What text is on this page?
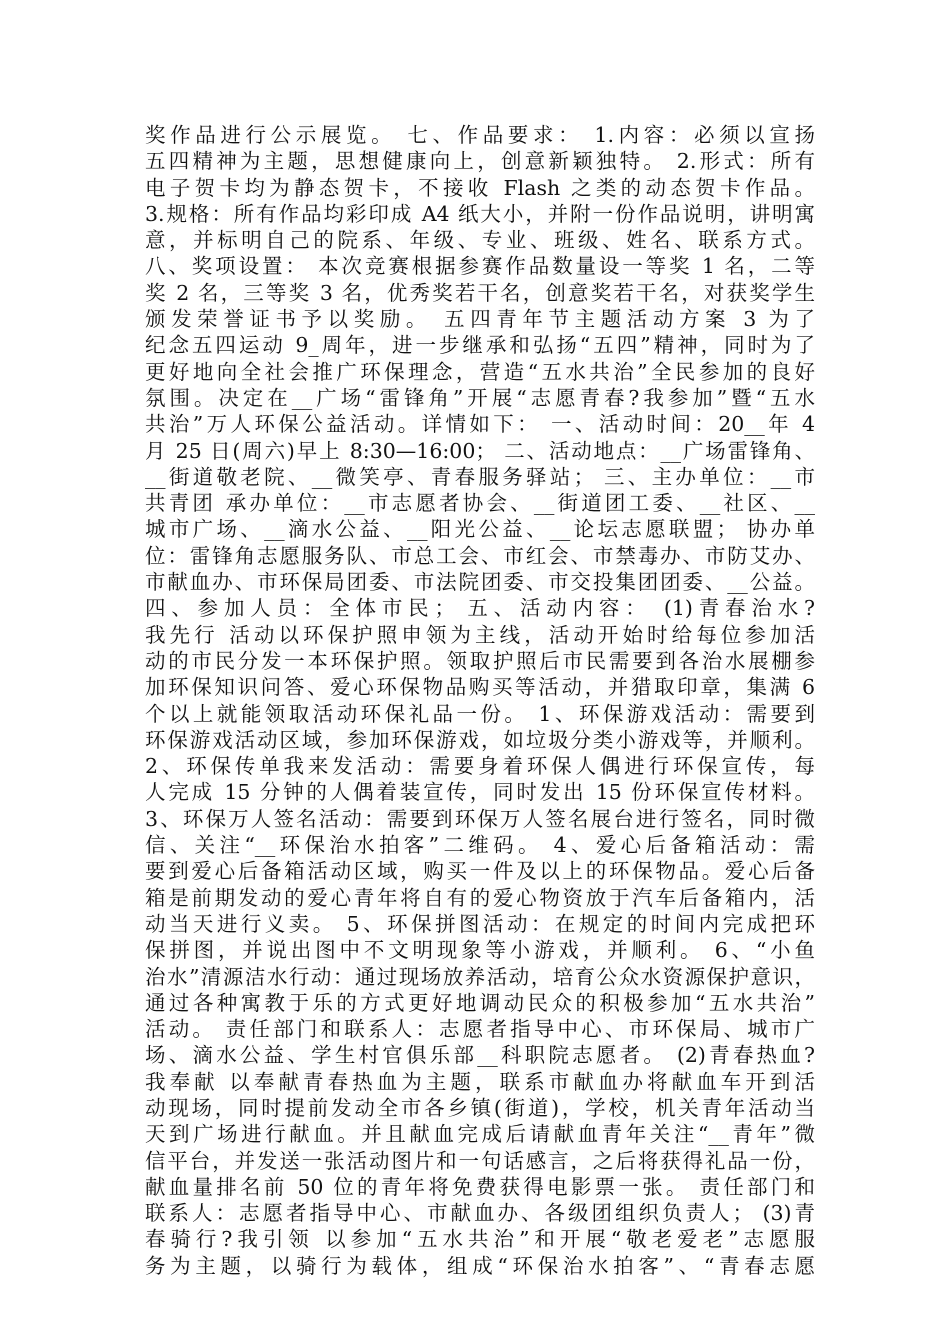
奖作品进行公示展览。 七、作品要求： 1.内容：必须以宣扬
五四精神为主题，思想健康向上，创意新颖独特。 2.形式：所有
电子贺卡均为静态贺卡，不接收 Flash 之类的动态贺卡作品。
3.规格：所有作品均彩印成 A4 纸大小，并附一份作品说明，讲明寓
意，并标明自己的院系、年级、专业、班级、姓名、联系方式。
八、奖项设置： 本次竞赛根据参赛作品数量设一等奖 1 名，二等
奖 2 名，三等奖 3 名，优秀奖若干名，创意奖若干名，对获奖学生
颁发荣誉证书予以奖励。 五四青年节主题活动方案 3 为了
纪念五四运动 9_周年，进一步继承和弘扬“五四”精神，同时为了
更好地向全社会推广环保理念，营造“五水共治”全民参加的良好
氛围。决定在__广场“雷锋角”开展“志愿青春?我参加”暨“五水
共治”万人环保公益活动。详情如下： 一、活动时间：20__年 4
月 25 日(周六)早上 8:30—16:00； 二、活动地点：__广场雷锋角、
__街道敬老院、__微笑亭、青春服务驿站； 三、主办单位：__市
共青团 承办单位：__市志愿者协会、__街道团工委、__社区、__
城市广场、__滴水公益、__阳光公益、__论坛志愿联盟； 协办单
位：雷锋角志愿服务队、市总工会、市红会、市禁毒办、市防艾办、
市献血办、市环保局团委、市法院团委、市交投集团团委、__公益。
四、参加人员：全体市民； 五、活动内容： (1)青春治水?
我先行 活动以环保护照申领为主线，活动开始时给每位参加活
动的市民分发一本环保护照。领取护照后市民需要到各治水展棚参
加环保知识问答、爱心环保物品购买等活动，并猎取印章，集满 6
个以上就能领取活动环保礼品一份。 1、环保游戏活动：需要到
环保游戏活动区域，参加环保游戏，如垃圾分类小游戏等，并顺利。
2、环保传单我来发活动：需要身着环保人偶进行环保宣传，每
人完成 15 分钟的人偶着装宣传，同时发出 15 份环保宣传材料。
3、环保万人签名活动：需要到环保万人签名展台进行签名，同时微
信、关注“__环保治水拍客”二维码。 4、爱心后备箱活动：需
要到爱心后备箱活动区域，购买一件及以上的环保物品。爱心后备
箱是前期发动的爱心青年将自有的爱心物资放于汽车后备箱内，活
动当天进行义卖。 5、环保拼图活动：在规定的时间内完成把环
保拼图，并说出图中不文明现象等小游戏，并顺利。 6、“小鱼
治水”清源洁水行动：通过现场放养活动，培育公众水资源保护意识，
通过各种寓教于乐的方式更好地调动民众的积极参加“五水共治”
活动。 责任部门和联系人：志愿者指导中心、市环保局、城市广
场、滴水公益、学生村官俱乐部__科职院志愿者。 (2)青春热血?
我奉献 以奉献青春热血为主题，联系市献血办将献血车开到活
动现场，同时提前发动全市各乡镇(街道)，学校，机关青年活动当
天到广场进行献血。并且献血完成后请献血青年关注“__青年”微
信平台，并发送一张活动图片和一句话感言，之后将获得礼品一份，
献血量排名前 50 位的青年将免费获得电影票一张。 责任部门和
联系人：志愿者指导中心、市献血办、各级团组织负责人； (3)青
春骑行?我引领 以参加“五水共治”和开展“敬老爱老”志愿服
务为主题，以骑行为载体，组成“环保治水拍客”、“青春志愿
